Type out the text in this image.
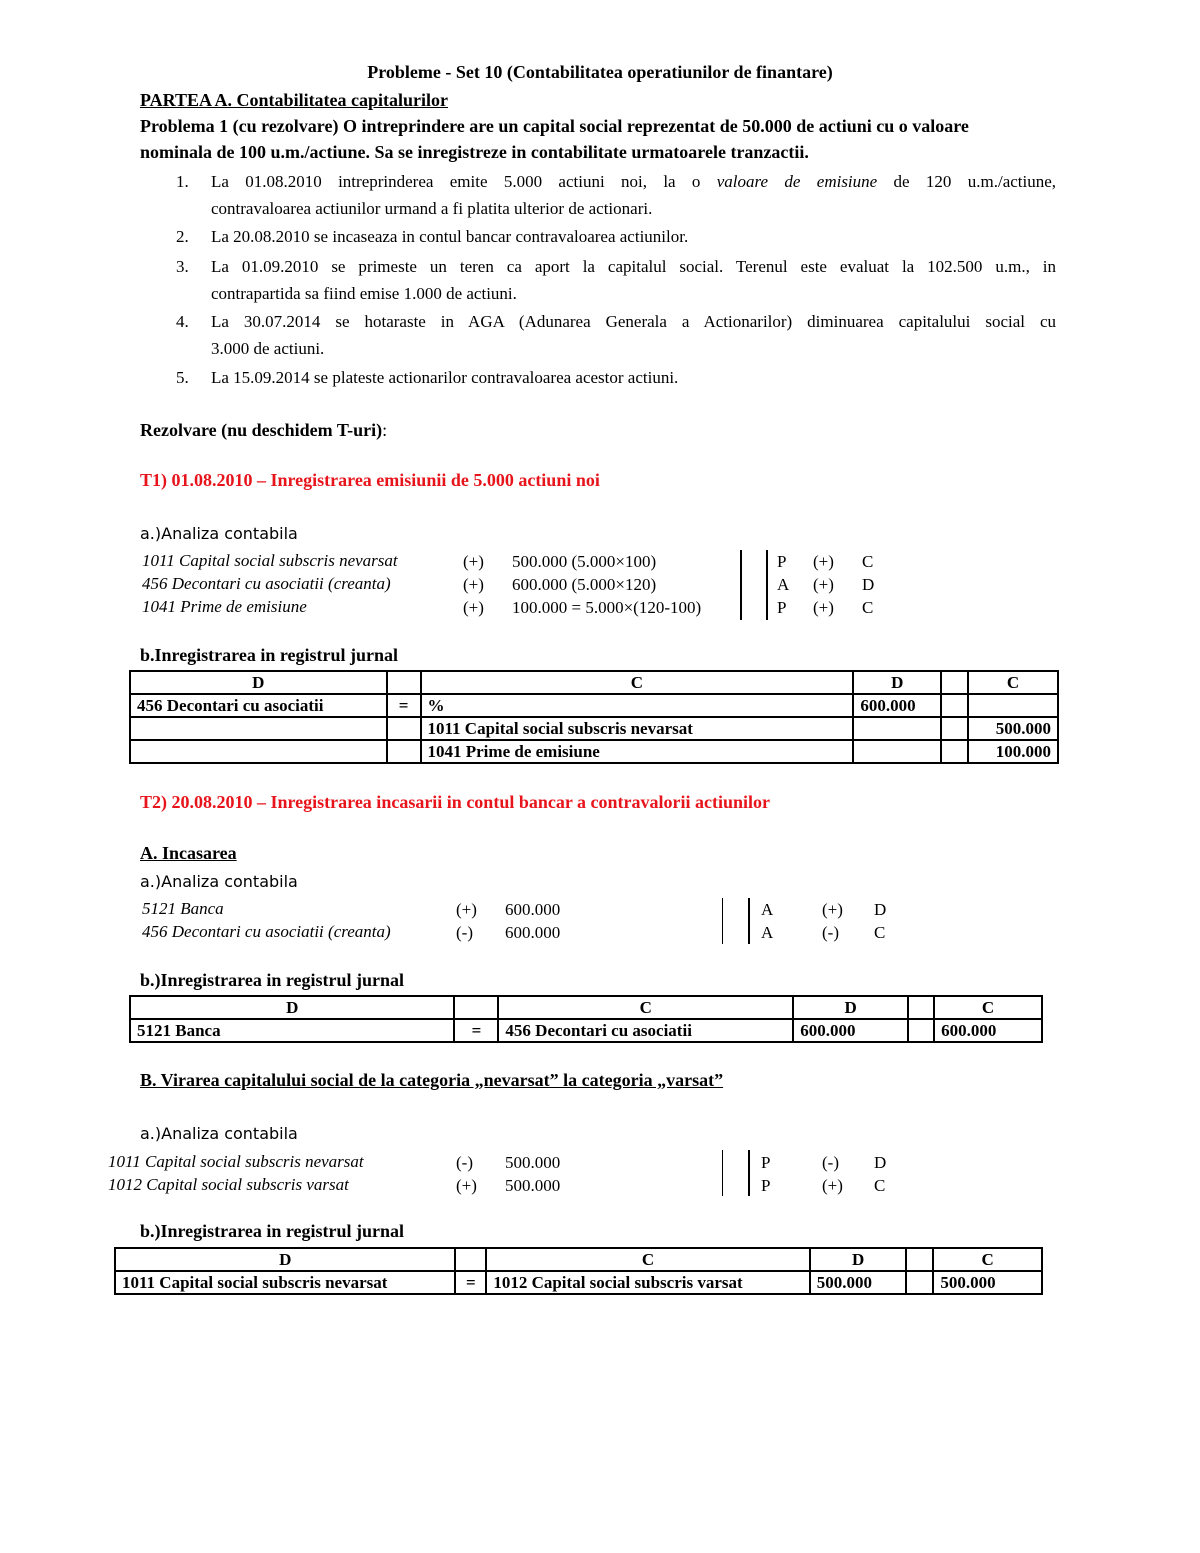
Probleme - Set 10 (Contabilitatea operatiunilor de finantare)
PARTEA A. Contabilitatea capitalurilor
Problema 1 (cu rezolvare) O intreprindere are un capital social reprezentat de 50.000 de actiuni cu o valoare
nominala de 100 u.m./actiune. Sa se inregistreze in contabilitate urmatoarele tranzactii.
1. La 01.08.2010 intreprinderea emite 5.000 actiuni noi, la o valoare de emisiune de 120 u.m./actiune,
contravaloarea actiunilor urmand a fi platita ulterior de actionari.
2. La 20.08.2010 se incaseaza in contul bancar contravaloarea actiunilor.
3. La 01.09.2010 se primeste un teren ca aport la capitalul social. Terenul este evaluat la 102.500 u.m., in
contrapartida sa fiind emise 1.000 de actiuni.
4. La 30.07.2014 se hotaraste in AGA (Adunarea Generala a Actionarilor) diminuarea capitalului social cu
3.000 de actiuni.
5. La 15.09.2014 se plateste actionarilor contravaloarea acestor actiuni.
Rezolvare (nu deschidem T-uri):
T1) 01.08.2010 – Inregistrarea emisiunii de 5.000 actiuni noi
a.)Analiza contabila
1011 Capital social subscris nevarsat	(+) 500.000 (5.000×100)	P (+) C
456 Decontari cu asociatii (creanta)	(+) 600.000 (5.000×120)	A (+) D
1041 Prime de emisiune	(+) 100.000 = 5.000×(120-100)	P (+) C
b.Inregistrarea in registrul jurnal
D		C	D		C
456 Decontari cu asociatii	=	%	600.000		
		1011 Capital social subscris nevarsat			500.000
		1041 Prime de emisiune			100.000
T2) 20.08.2010 – Inregistrarea incasarii in contul bancar a contravalorii actiunilor
A. Incasarea
a.)Analiza contabila
5121 Banca	(+) 600.000	A	(+) D
456 Decontari cu asociatii (creanta)	(-) 600.000	A	(-) C
b.)Inregistrarea in registrul jurnal
D		C	D		C
5121 Banca	=	456 Decontari cu asociatii	600.000		600.000
B. Virarea capitalului social de la categoria „nevarsat” la categoria „varsat”
a.)Analiza contabila
1011 Capital social subscris nevarsat	(-) 500.000	P	(-) D
1012 Capital social subscris varsat	(+) 500.000	P	(+) C
b.)Inregistrarea in registrul jurnal
D		C	D		C
1011 Capital social subscris nevarsat	=	1012 Capital social subscris varsat	500.000		500.000
